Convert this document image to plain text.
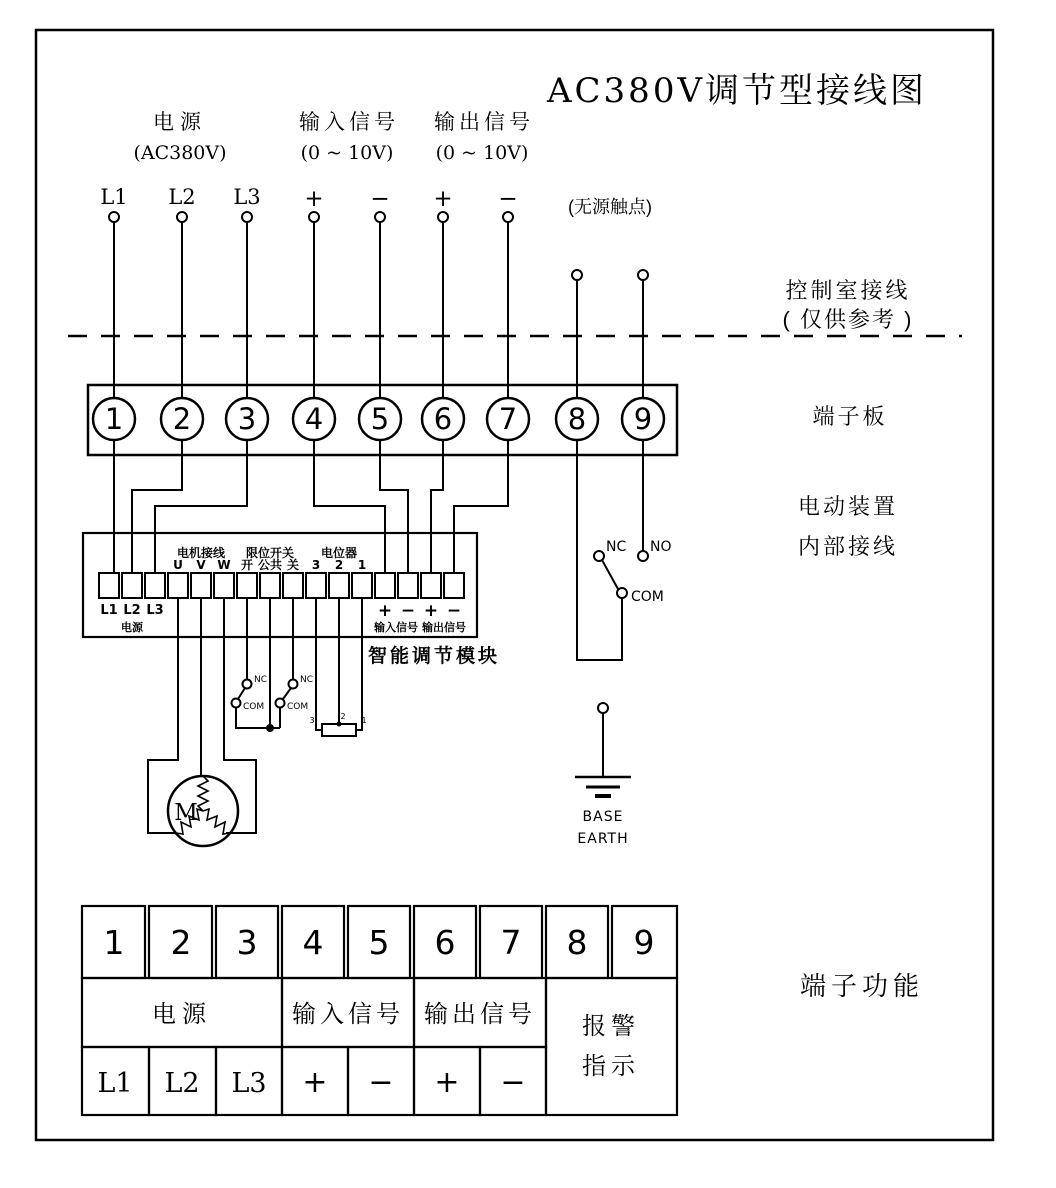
AC380V调节型接线图
电源
(AC380V)
输入信号
(0 ~ 10V)
输出信号
(0 ~ 10V)
(无源触点)
L1 L2 L3 + − + −
控制室接线
( 仅供参考 )
端子板
电动装置
内部接线
端子功能
1 2 3 4 5 6 7 8 9
电机接线 限位开关 电位器
U V W 开 公共 关 3 2 1
L1 L2 L3
电源
+ − + −
输入信号 输出信号
智能调节模块
NC
COM
NC
COM
3	2 1
M
NC NO
COM
BASE
EARTH
1 2 3 4 5 6 7 8 9
电源	输入信号 输出信号 报警
指示
L1 L2 L3 + − + −
